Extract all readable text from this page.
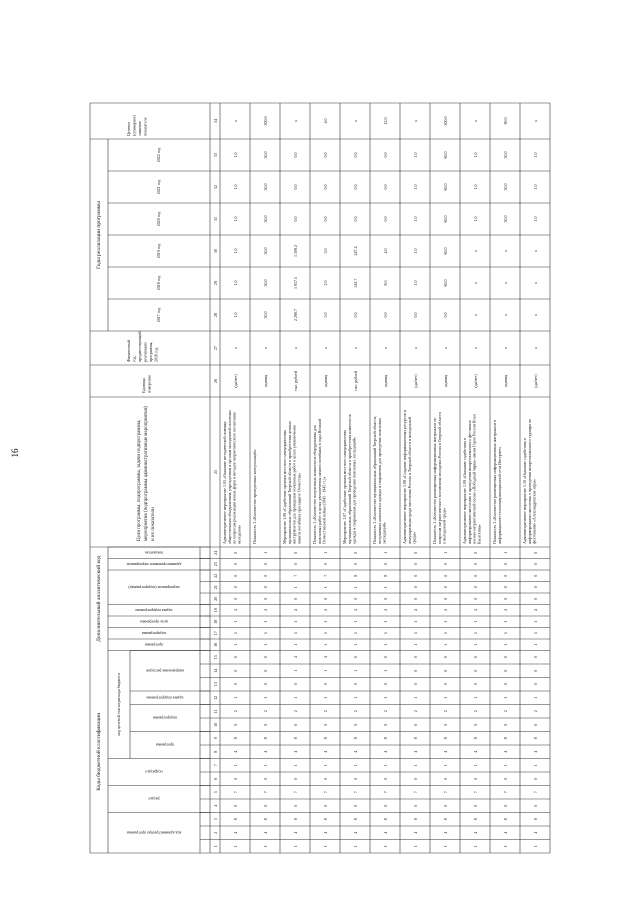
16
Коды бюджетной классификации
Дополнительный аналитический код
код целевой статьи расхода бюджета
Годы реализации программы
код администратора программы
раздел
подраздел
программа
подпрограмма
задача подпрограммы
направление расходов
программа
подпрограмма
цель программы
задача подпрограммы
мероприятие (подпрограммы)
административное мероприятие
показатель
Цели программы, подпрограммы, задачи подпрограммы, мероприятия (подпрограммы административные мероприятия) и их показатели
Единица измерения
Финансовый год, предшествующий реализации программы, 2016 год
Целевое (суммарное) значение показателя
2017 год
2018 год
2019 год
2020 год
2021 год
2022 год
1
2
3
4
5
6
7
8
9
10
11
12
13
14
15
16
17
18
19
20
21
22
23
24
25
26
27
28
29
30
31
32
33
34
1
4
8
0
7
0
1
4
8
0
2
1
0
0
0
1
5
1
4
0
0
0
0
0
Административное мероприятие 1.05 «Оказание методической помощи общественным объединениям, учреждениям и органам молодежной политики по вопросам реализации новых форм и методов патриотического воспитания молодежи»
(да/нет)
x
1.0
1.0
1.0
1.0
1.0
1.0
x
1
4
8
0
7
0
1
4
8
0
2
1
0
0
0
1
5
1
4
0
0
0
0
1
Показатель 1 «Количество проведенных консультаций»
единиц
x
30.0
50.0
50.0
50.0
50.0
50.0
300.0
1
4
8
0
7
0
1
4
8
0
2
1
0
1
4
1
5
1
4
0
1
7
0
0
Мероприятие 1.06 «Содействие органам местного самоуправления муниципальных образований Тверской области в приобретении ценных инструментов для проведения поисковых работ в целях увековечения памяти погибших при защите Отечества»
тыс. рублей
x
2 290.7
1 917.5
1 109.2
0.0
0.0
0.0
x
1
4
8
0
7
0
1
4
8
0
2
1
0
1
4
1
5
1
4
0
1
7
0
1
Показатель 1 «Количество полученных комплектов оборудования для поисковых работ в целях увековечения памяти погибших в годы Великой Отечественной войны (1941 - 1945 гг.)»
единиц
x
5.0
2.0
3.0
0.0
0.0
0.0
4.0
1
4
8
0
7
0
1
4
8
0
2
1
0
1
0
1
5
1
4
0
1
8
0
0
Мероприятие 1.07 «Содействие органам местного самоуправления муниципальных образований Тверской области в приобретении комплектов одежды и снаряжения для проведения поисковых экспедиций»
тыс. рублей
x
0.0
541.7
247.4
0.0
0.0
0.0
x
1
4
8
0
7
0
1
4
8
0
2
1
0
1
0
1
5
1
4
0
1
8
0
1
Показатель 1 «Количество муниципальных образований Тверской области, получивших комплекты одежды и снаряжения для проведения поисковых экспедиций»
единиц
x
0.0
8.0
4.0
0.0
0.0
0.0
12.0
1
4
8
0
7
0
1
4
8
0
2
1
0
0
0
1
5
1
4
0
0
0
0
0
Административное мероприятие 1.08 «Создание информационных ресурсов и популяризация среди населения России и Тверской области и молодежной среды»
(да/нет)
x
0.0
1.0
1.0
1.0
1.0
1.0
x
1
4
8
0
7
0
1
4
8
0
2
1
0
0
0
1
5
1
4
0
0
0
0
1
Показатель 1 «Количество размещенных информационных материалов по вопросам патриотического воспитания молодежи России и Тверской области в молодежной среде»
единиц
x
0.0
60.0
60.0
60.0
60.0
60.0
300.0
1
4
8
0
7
0
1
4
8
0
2
1
0
0
0
1
5
1
4
0
0
0
0
0
Административное мероприятие 1.09 «Оказание содействия в информировании населения о проведении межрегионального фестиваля военно-патриотической песни «Победный марш» имени Героя России Ильи Касаткина»
(да/нет)
x
x
x
x
1.0
1.0
1.0
x
1
4
8
0
7
0
1
4
8
0
2
1
0
0
0
1
5
1
4
0
0
0
0
1
Показатель 1 «Количество размещенных информационных материалов в информационно-телекоммуникационной сети Интернет»
единиц
x
x
x
x
30.0
30.0
30.0
90.0
1
4
8
0
7
0
1
4
8
0
2
1
0
0
0
1
5
1
4
0
0
0
0
0
Административное мероприятие 1.10 «Оказание содействия в информировании населения о проведении межрегионального турнира по фехтованию «Александровские игры»
(да/нет)
x
x
x
x
1.0
1.0
1.0
x
